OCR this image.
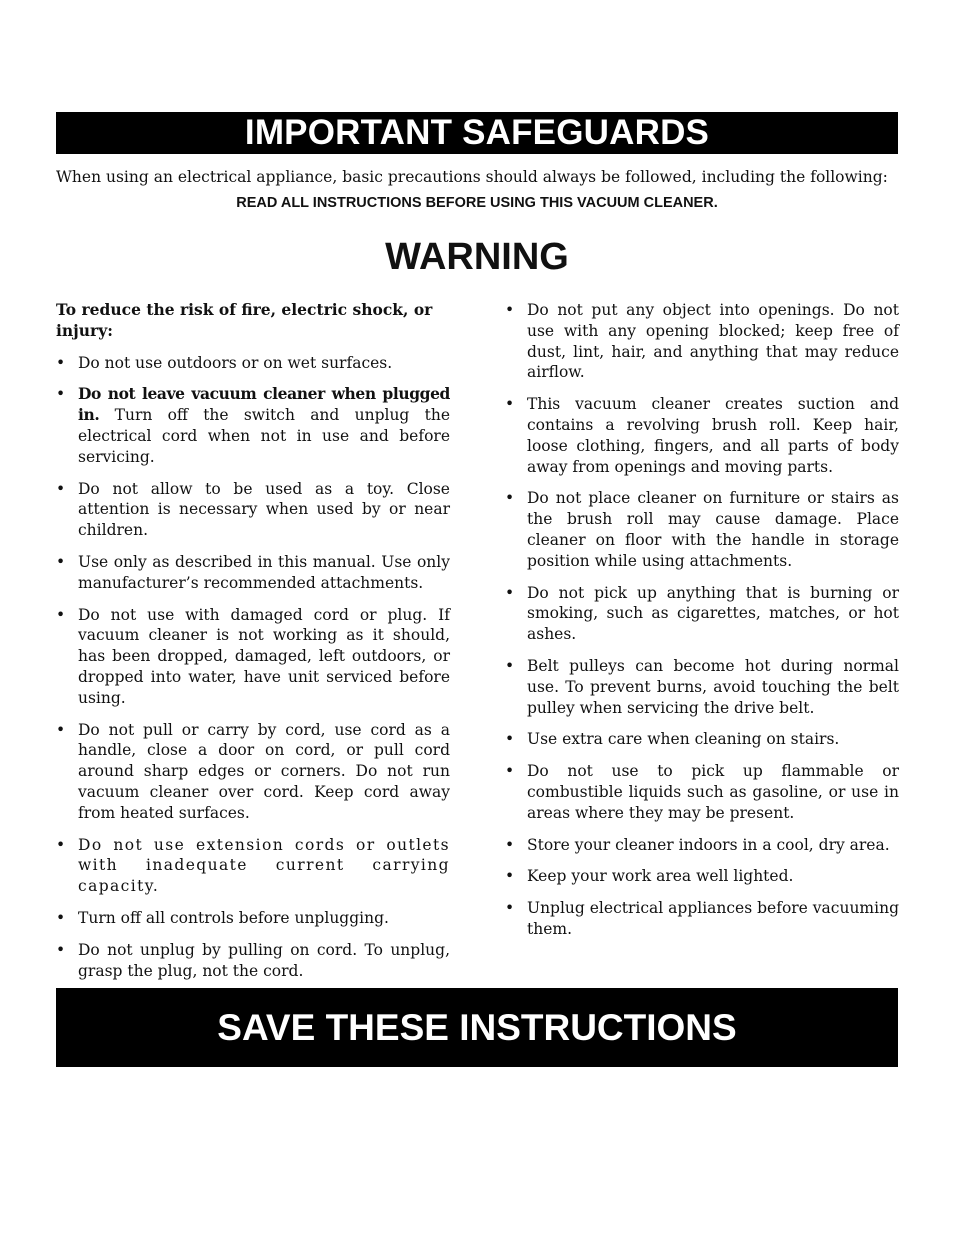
IMPORTANT SAFEGUARDS
When using an electrical appliance, basic precautions should always be followed, including the following:
READ ALL INSTRUCTIONS BEFORE USING THIS VACUUM CLEANER.
WARNING
To reduce the risk of fire, electric shock, or injury:
• Do not use outdoors or on wet surfaces.
• Do not leave vacuum cleaner when plugged in. Turn off the switch and unplug the electrical cord when not in use and before servicing.
• Do not allow to be used as a toy. Close attention is necessary when used by or near children.
• Use only as described in this manual. Use only manufacturer’s recommended attachments.
• Do not use with damaged cord or plug. If vacuum cleaner is not working as it should, has been dropped, damaged, left outdoors, or dropped into water, have unit serviced before using.
• Do not pull or carry by cord, use cord as a handle, close a door on cord, or pull cord around sharp edges or corners. Do not run vacuum cleaner over cord. Keep cord away from heated surfaces.
• Do not use extension cords or outlets with inadequate current carrying capacity.
• Turn off all controls before unplugging.
• Do not unplug by pulling on cord. To unplug, grasp the plug, not the cord.
• Do not put any object into openings. Do not use with any opening blocked; keep free of dust, lint, hair, and anything that may reduce airflow.
• This vacuum cleaner creates suction and contains a revolving brush roll. Keep hair, loose clothing, fingers, and all parts of body away from openings and moving parts.
• Do not place cleaner on furniture or stairs as the brush roll may cause damage. Place cleaner on floor with the handle in storage position while using attachments.
• Do not pick up anything that is burning or smoking, such as cigarettes, matches, or hot ashes.
• Belt pulleys can become hot during normal use. To prevent burns, avoid touching the belt pulley when servicing the drive belt.
• Use extra care when cleaning on stairs.
• Do not use to pick up flammable or combustible liquids such as gasoline, or use in areas where they may be present.
• Store your cleaner indoors in a cool, dry area.
• Keep your work area well lighted.
• Unplug electrical appliances before vacuuming them.
SAVE THESE INSTRUCTIONS
